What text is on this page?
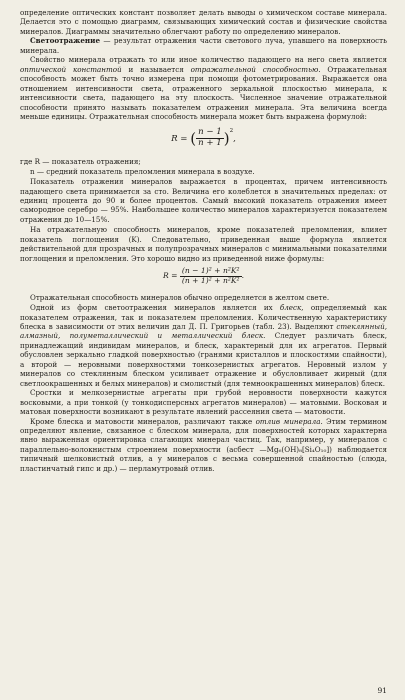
определение оптических констант позволяет делать выводы о химическом составе минерала. Делается это с помощью диаграмм, связывающих химический состав и физические свойства минералов. Диаграммы значительно облегчают работу по определению минералов.

Светоотражение — результат отражения части светового луча, упавшего на поверхность минерала.

Свойство минерала отражать то или иное количество падающего на него света является оптической константой и называется отражательной способностью. Отражательная способность может быть точно измерена при помощи фотометрирования. Выражается она отношением интенсивности света, отраженного зеркальной плоскостью минерала, к интенсивности света, падающего на эту плоскость. Численное значение отражательной способности принято называть показателем отражения минерала. Эта величина всегда меньше единицы. Отражательная способность минерала может быть выражена формулой:

R = ( $\frac{n - 1}{n + 1} )^2$,

где R — показатель отражения;

n — средний показатель преломления минерала в воздухе.

Показатель отражения минералов выражается в процентах, причем интенсивность падающего света принимается за сто. Величина его колеблется в значительных пределах: от единиц процента до 90 и более процентов. Самый высокий показатель отражения имеет самородное серебро — 95%. Наибольшее количество минералов характеризуется показателем отражения до 10—15%.

На отражательную способность минералов, кроме показателей преломления, влияет показатель поглощения (K). Следовательно, приведенная выше формула является действительной для прозрачных и полупрозрачных минералов с минимальными показателями поглощения и преломления. Это хорошо видно из приведенной ниже формулы:

$R = \frac{\text{(n − 1)² + n²K²}}{\text{(n + 1)² + n²K²}}$ .

Отражательная способность минералов обычно определяется в желтом свете.

Одной из форм светоотражения минералов является их блеск, определяемый как показателем отражения, так и показателем преломления. Количественную характеристику блеска в зависимости от этих величин дал Д. П. Григорьев (табл. 23). Выделяют стеклянный, алмазный, полуметаллический и металлический блеск. Следует различать блеск, принадлежащий индивидам минералов, и блеск, характерный для их агрегатов. Первый обусловлен зеркально гладкой поверхностью (гранями кристаллов и плоскостями спайности), а второй — неровными поверхностями тонкозернистых агрегатов. Неровный излом у минералов со стеклянным блеском усиливает отражение и обусловливает жирный (для светлоокрашенных и белых минералов) и смолистый (для темноокрашенных минералов) блеск.

Сростки и мелкозернистые агрегаты при грубой неровности поверхности кажутся восковыми, а при тонкой (у тонкодисперсных агрегатов минералов) — матовыми. Восковая и матовая поверхности возникают в результате явлений рассеяния света — матовости.

Кроме блеска и матовости минералов, различают также отлив минерала. Этим термином определяют явление, связанное с блеском минерала, для поверхностей которых характерна явно выраженная ориентировка слагающих минерал частиц. Так, например, у минералов с параллельно-волокнистым строением поверхности (асбест —Mg₆(OH)₈[Si₄O₁₀]) наблюдается типичный шелковистый отлив, а у минералов с весьма совершенной спайностью (слюда, пластинчатый гипс и др.) — перламутровый отлив.

91
